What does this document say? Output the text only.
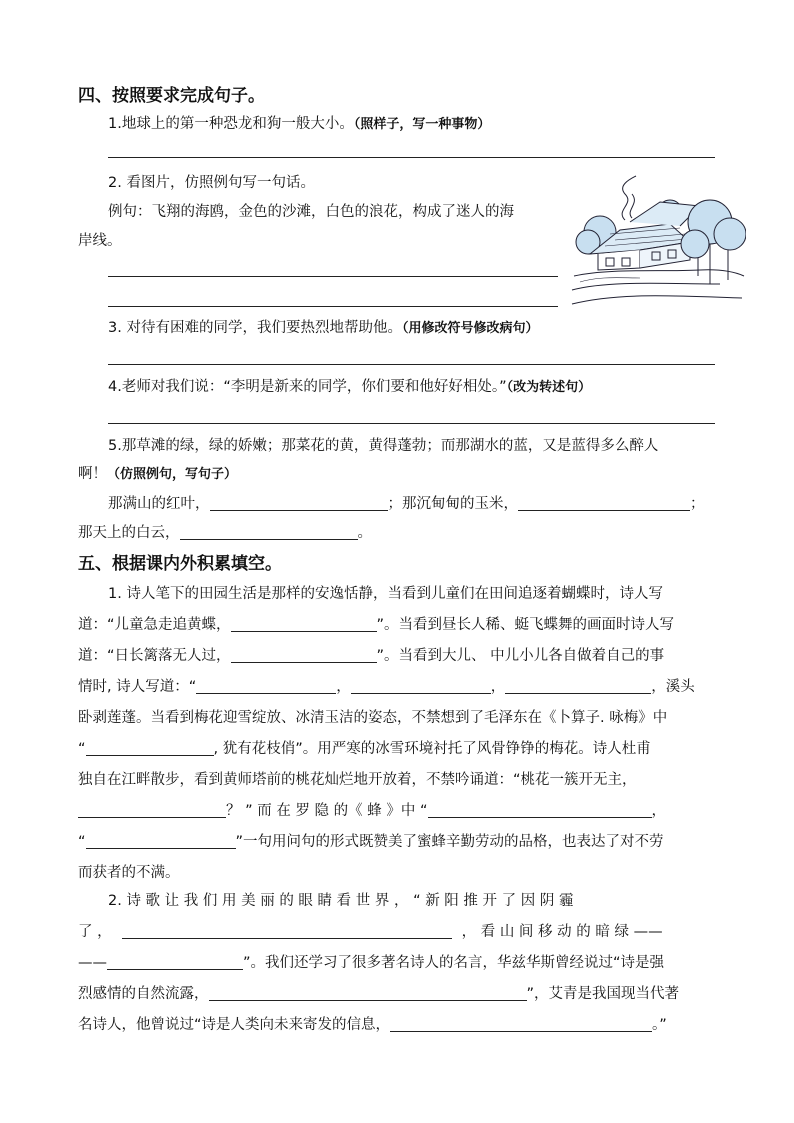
四、按照要求完成句子。
1.地球上的第一种恐龙和狗一般大小。（照样子，写一种事物）
2. 看图片，仿照例句写一句话。
例句：飞翔的海鸥，金色的沙滩，白色的浪花，构成了迷人的海
岸线。
3. 对待有困难的同学，我们要热烈地帮助他。（用修改符号修改病句）
4.老师对我们说：“李明是新来的同学，你们要和他好好相处。”（改为转述句）
5.那草滩的绿，绿的娇嫩；那菜花的黄，黄得蓬勃；而那湖水的蓝，又是蓝得多么醉人
啊！（仿照例句，写句子）
那满山的红叶，	；那沉甸甸的玉米，	；
那天上的白云，	。
五、根据课内外积累填空。
1. 诗人笔下的田园生活是那样的安逸恬静，当看到儿童们在田间追逐着蝴蝶时，诗人写
道：“儿童急走追黄蝶，	”。当看到昼长人稀、蜓飞蝶舞的画面时诗人写
道：“日长篱落无人过，	”。当看到大儿、 中儿小儿各自做着自己的事
情时, 诗人写道：“	，	，	，溪头
卧剥莲蓬。当看到梅花迎雪绽放、冰清玉洁的姿态，不禁想到了毛泽东在《卜算子. 咏梅》中
“	, 犹有花枝俏”。用严寒的冰雪环境衬托了风骨铮铮的梅花。诗人杜甫
独自在江畔散步，看到黄师塔前的桃花灿烂地开放着，不禁吟诵道：“桃花一簇开无主，
？ ” 而 在 罗 隐 的《 蜂 》中 “	，
“	”一句用问句的形式既赞美了蜜蜂辛勤劳动的品格，也表达了对不劳
而获者的不满。
2. 诗 歌 让 我 们 用 美 丽 的 眼 睛 看 世 界 ， “ 新 阳 推 开 了 因 阴 霾
了 ，	， 看 山 间 移 动 的 暗 绿 ——
——	”。我们还学习了很多著名诗人的名言，华兹华斯曾经说过“诗是强
烈感情的自然流露，	”，艾青是我国现当代著
名诗人，他曾说过“诗是人类向未来寄发的信息，	。”
